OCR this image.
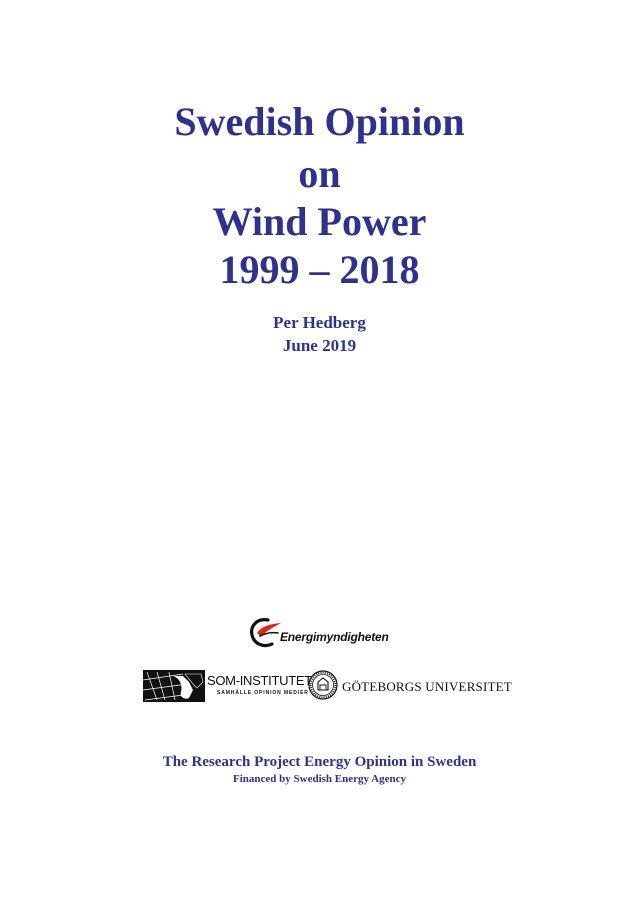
Swedish Opinion
on
Wind Power
1999 – 2018
Per Hedberg
June 2019
Energimyndigheten
SOM-INSTITUTET
SAMHÄLLE OPINION MEDIER	GÖTEBORGS UNIVERSITET
The Research Project Energy Opinion in Sweden
Financed by Swedish Energy Agency
